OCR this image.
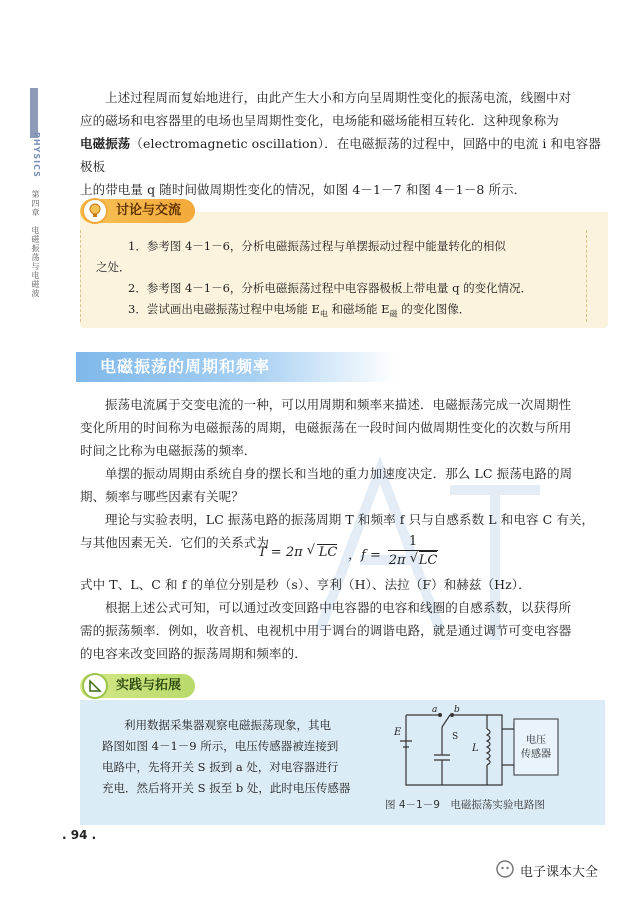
PHYSICS
第四章　电磁振荡与电磁波
上述过程周而复始地进行，由此产生大小和方向呈周期性变化的振荡电流，线圈中对
应的磁场和电容器里的电场也呈周期性变化，电场能和磁场能相互转化．这种现象称为
电磁振荡（electromagnetic oscillation）．在电磁振荡的过程中，回路中的电流 i 和电容器极板
上的带电量 q 随时间做周期性变化的情况，如图 4－1－7 和图 4－1－8 所示．
讨论与交流
1．参考图 4－1－6，分析电磁振荡过程与单摆振动过程中能量转化的相似
之处．
2．参考图 4－1－6，分析电磁振荡过程中电容器极板上带电量 q 的变化情况．
3．尝试画出电磁振荡过程中电场能 $E_电$ 和磁场能 $E_磁$ 的变化图像．
电磁振荡的周期和频率
振荡电流属于交变电流的一种，可以用周期和频率来描述．电磁振荡完成一次周期性
变化所用的时间称为电磁振荡的周期，电磁振荡在一段时间内做周期性变化的次数与所用
时间之比称为电磁振荡的频率．
单摆的振动周期由系统自身的摆长和当地的重力加速度决定．那么 LC 振荡电路的周
期、频率与哪些因素有关呢？
理论与实验表明，LC 振荡电路的振荡周期 T 和频率 f 只与自感系数 L 和电容 C 有关，
与其他因素无关．它们的关系式为
T = 2π √ LC ，$f = \frac{1}{2\pi √ LC}$
式中 T、L、C 和 f 的单位分别是秒（s）、亨利（H）、法拉（F）和赫兹（Hz）．
根据上述公式可知，可以通过改变回路中电容器的电容和线圈的自感系数，以获得所
需的振荡频率．例如，收音机、电视机中用于调台的调谐电路，就是通过调节可变电容器
的电容来改变回路的振荡周期和频率的．
实践与拓展
利用数据采集器观察电磁振荡现象，其电
路图如图 4－1－9 所示，电压传感器被连接到
电路中，先将开关 S 扳到 a 处，对电容器进行
充电．然后将开关 S 扳至 b 处，此时电压传感器
电压
传感器
E
a b
S
L
图 4－1－9　电磁振荡实验电路图
. 94 .
电子课本大全
